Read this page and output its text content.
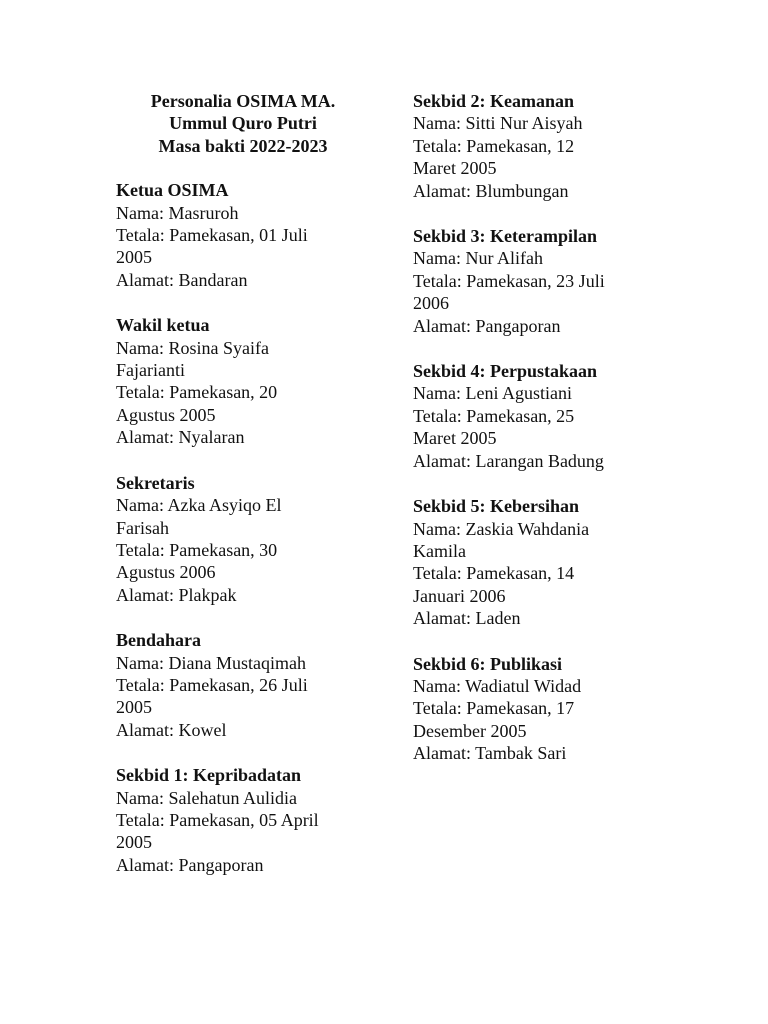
Personalia OSIMA MA.
Ummul Quro Putri
Masa bakti 2022-2023
Ketua OSIMA
Nama: Masruroh
Tetala: Pamekasan, 01 Juli
2005
Alamat: Bandaran
Wakil ketua
Nama: Rosina Syaifa
Fajarianti
Tetala: Pamekasan, 20
Agustus 2005
Alamat: Nyalaran
Sekretaris
Nama: Azka Asyiqo El
Farisah
Tetala: Pamekasan, 30
Agustus 2006
Alamat: Plakpak
Bendahara
Nama: Diana Mustaqimah
Tetala: Pamekasan, 26 Juli
2005
Alamat: Kowel
Sekbid 1: Kepribadatan
Nama: Salehatun Aulidia
Tetala: Pamekasan, 05 April
2005
Alamat: Pangaporan
Sekbid 2: Keamanan
Nama: Sitti Nur Aisyah
Tetala: Pamekasan, 12
Maret 2005
Alamat: Blumbungan
Sekbid 3: Keterampilan
Nama: Nur Alifah
Tetala: Pamekasan, 23 Juli
2006
Alamat: Pangaporan
Sekbid 4: Perpustakaan
Nama: Leni Agustiani
Tetala: Pamekasan, 25
Maret 2005
Alamat: Larangan Badung
Sekbid 5: Kebersihan
Nama: Zaskia Wahdania
Kamila
Tetala: Pamekasan, 14
Januari 2006
Alamat: Laden
Sekbid 6: Publikasi
Nama: Wadiatul Widad
Tetala: Pamekasan, 17
Desember 2005
Alamat: Tambak Sari
